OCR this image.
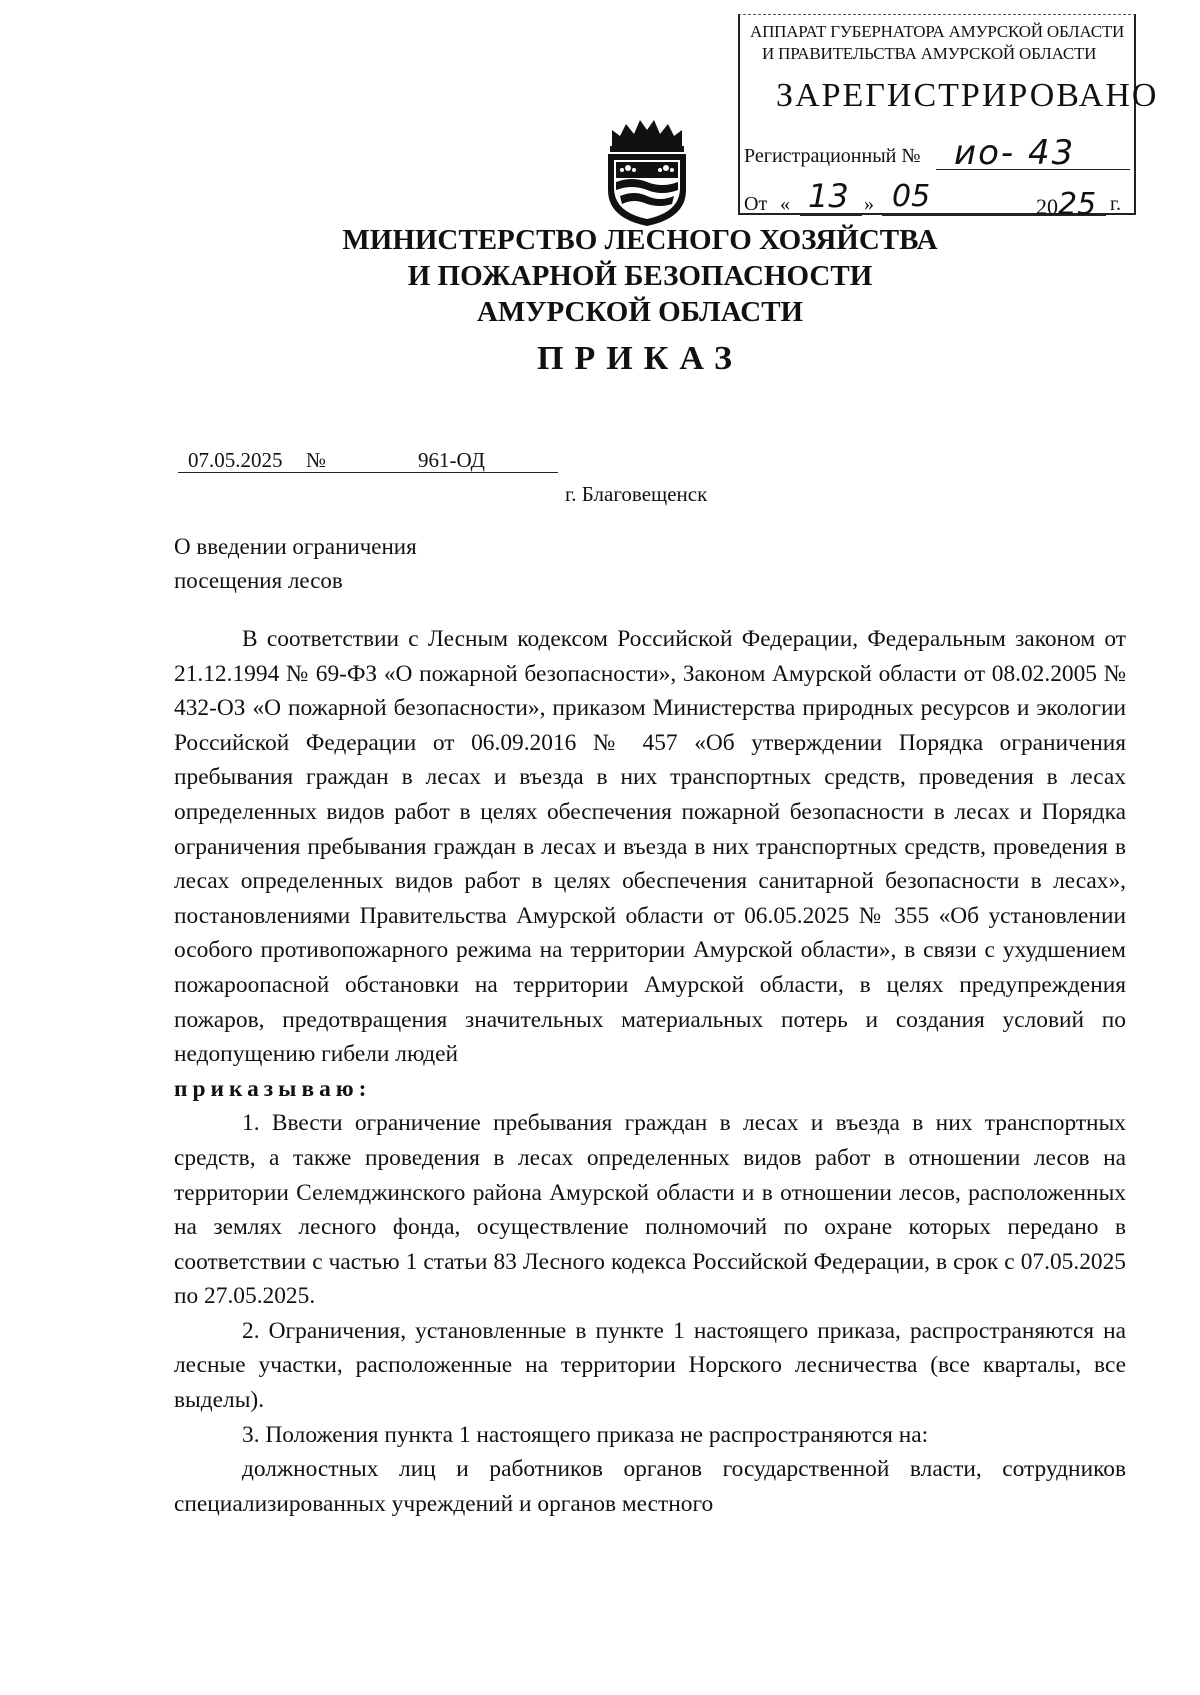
АППАРАТ ГУБЕРНАТОРА АМУРСКОЙ ОБЛАСТИ
И ПРАВИТЕЛЬСТВА АМУРСКОЙ ОБЛАСТИ
ЗАРЕГИСТРИРОВАНО
Регистрационный № ио- 43
От « 13 » 05	2025 г.
МИНИСТЕРСТВО ЛЕСНОГО ХОЗЯЙСТВА
И ПОЖАРНОЙ БЕЗОПАСНОСТИ
АМУРСКОЙ ОБЛАСТИ
ПРИКАЗ
07.05.2025 №	961-ОД
г. Благовещенск
О введении ограничения
посещения лесов

В соответствии с Лесным кодексом Российской Федерации, Федеральным законом от 21.12.1994 № 69-ФЗ «О пожарной безопасности», Законом Амурской области от 08.02.2005 № 432-ОЗ «О пожарной безопасности», приказом Министерства природных ресурсов и экологии Российской Федерации от 06.09.2016 № 457 «Об утверждении Порядка ограничения пребывания граждан в лесах и въезда в них транспортных средств, проведения в лесах определенных видов работ в целях обеспечения пожарной безопасности в лесах и Порядка ограничения пребывания граждан в лесах и въезда в них транспортных средств, проведения в лесах определенных видов работ в целях обеспечения санитарной безопасности в лесах», постановлениями Правительства Амурской области от 06.05.2025 № 355 «Об установлении особого противопожарного режима на территории Амурской области», в связи с ухудшением пожароопасной обстановки на территории Амурской области, в целях предупреждения пожаров, предотвращения значительных материальных потерь и создания условий по недопущению гибели людей

приказываю:

1. Ввести ограничение пребывания граждан в лесах и въезда в них транспортных средств, а также проведения в лесах определенных видов работ в отношении лесов на территории Селемджинского района Амурской области и в отношении лесов, расположенных на землях лесного фонда, осуществление полномочий по охране которых передано в соответствии с частью 1 статьи 83 Лесного кодекса Российской Федерации, в срок с 07.05.2025 по 27.05.2025.

2. Ограничения, установленные в пункте 1 настоящего приказа, распространяются на лесные участки, расположенные на территории Норского лесничества (все кварталы, все выделы).

3. Положения пункта 1 настоящего приказа не распространяются на:

должностных лиц и работников органов государственной власти, сотрудников специализированных учреждений и органов местного
